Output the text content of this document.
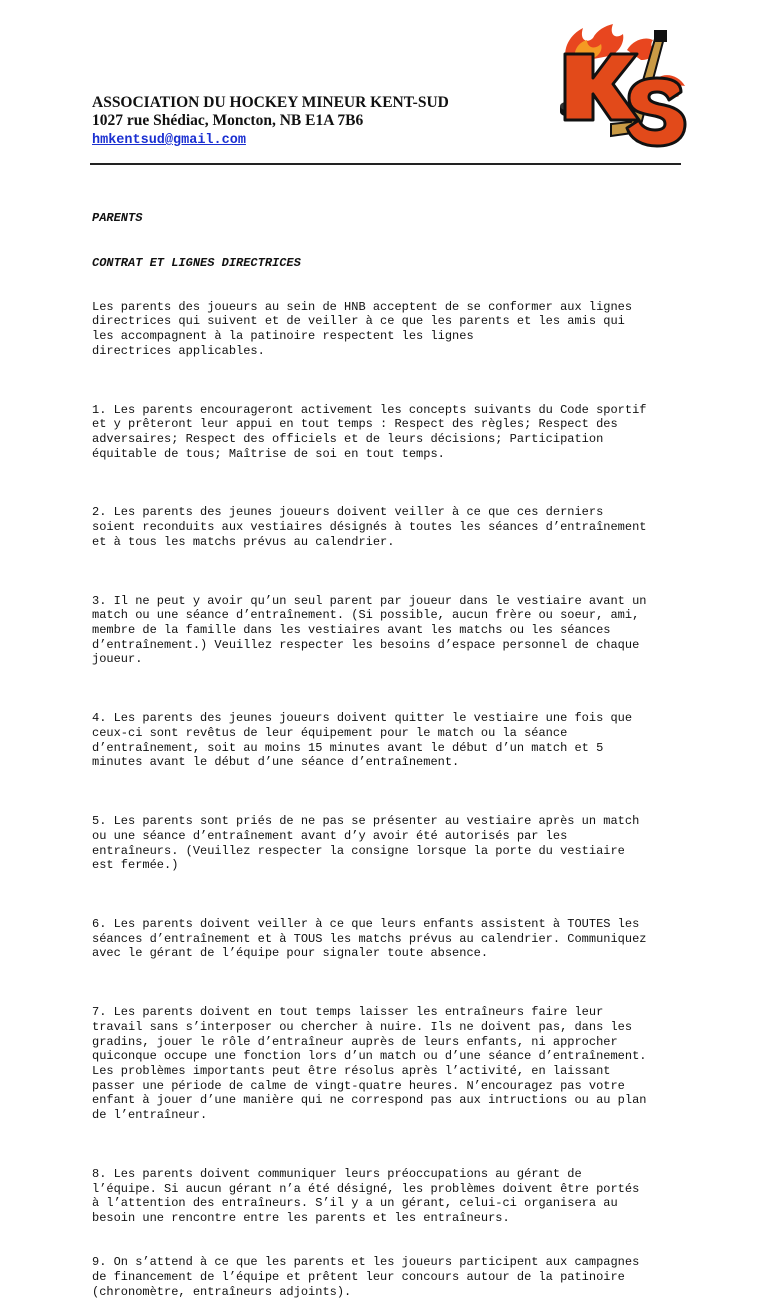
ASSOCIATION DU HOCKEY MINEUR KENT-SUD
1027 rue Shédiac, Moncton, NB E1A 7B6
hmkentsud@gmail.com

PARENTS

CONTRAT ET LIGNES DIRECTRICES

Les parents des joueurs au sein de HNB acceptent de se conformer aux lignes
directrices qui suivent et de veiller à ce que les parents et les amis qui
les accompagnent à la patinoire respectent les lignes
directrices applicables.

1. Les parents encourageront activement les concepts suivants du Code sportif
et y prêteront leur appui en tout temps : Respect des règles; Respect des
adversaires; Respect des officiels et de leurs décisions; Participation
équitable de tous; Maîtrise de soi en tout temps.

2. Les parents des jeunes joueurs doivent veiller à ce que ces derniers
soient reconduits aux vestiaires désignés à toutes les séances d’entraînement
et à tous les matchs prévus au calendrier.

3. Il ne peut y avoir qu’un seul parent par joueur dans le vestiaire avant un
match ou une séance d’entraînement. (Si possible, aucun frère ou soeur, ami,
membre de la famille dans les vestiaires avant les matchs ou les séances
d’entraînement.) Veuillez respecter les besoins d’espace personnel de chaque
joueur.

4. Les parents des jeunes joueurs doivent quitter le vestiaire une fois que
ceux-ci sont revêtus de leur équipement pour le match ou la séance
d’entraînement, soit au moins 15 minutes avant le début d’un match et 5
minutes avant le début d’une séance d’entraînement.

5. Les parents sont priés de ne pas se présenter au vestiaire après un match
ou une séance d’entraînement avant d’y avoir été autorisés par les
entraîneurs. (Veuillez respecter la consigne lorsque la porte du vestiaire
est fermée.)

6. Les parents doivent veiller à ce que leurs enfants assistent à TOUTES les
séances d’entraînement et à TOUS les matchs prévus au calendrier. Communiquez
avec le gérant de l’équipe pour signaler toute absence.

7. Les parents doivent en tout temps laisser les entraîneurs faire leur
travail sans s’interposer ou chercher à nuire. Ils ne doivent pas, dans les
gradins, jouer le rôle d’entraîneur auprès de leurs enfants, ni approcher
quiconque occupe une fonction lors d’un match ou d’une séance d’entraînement.
Les problèmes importants peut être résolus après l’activité, en laissant
passer une période de calme de vingt-quatre heures. N’encouragez pas votre
enfant à jouer d’une manière qui ne correspond pas aux intructions ou au plan
de l’entraîneur.

8. Les parents doivent communiquer leurs préoccupations au gérant de
l’équipe. Si aucun gérant n’a été désigné, les problèmes doivent être portés
à l’attention des entraîneurs. S’il y a un gérant, celui-ci organisera au
besoin une rencontre entre les parents et les entraîneurs.

9. On s’attend à ce que les parents et les joueurs participent aux campagnes
de financement de l’équipe et prêtent leur concours autour de la patinoire
(chronomètre, entraîneurs adjoints).
